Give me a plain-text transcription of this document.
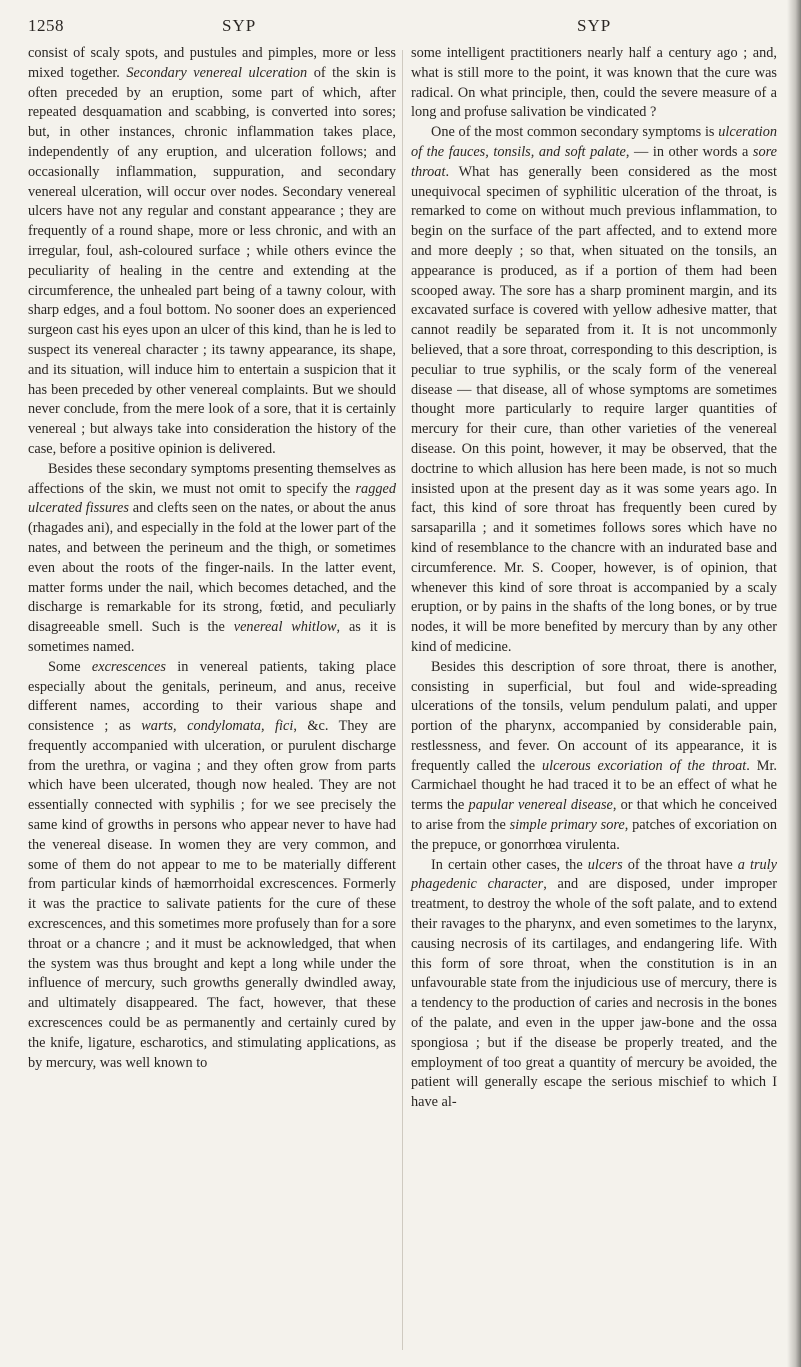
1258	SYP	SYP

consist of scaly spots, and pustules and pimples, more or less mixed together. Secondary venereal ulceration of the skin is often preceded by an eruption, some part of which, after repeated desquamation and scabbing, is converted into sores; but, in other instances, chronic inflammation takes place, independently of any eruption, and ulceration follows; and occasionally inflammation, suppuration, and secondary venereal ulceration, will occur over nodes. Secondary venereal ulcers have not any regular and constant appearance ; they are frequently of a round shape, more or less chronic, and with an irregular, foul, ash-coloured surface ; while others evince the peculiarity of healing in the centre and extending at the circumference, the unhealed part being of a tawny colour, with sharp edges, and a foul bottom. No sooner does an experienced surgeon cast his eyes upon an ulcer of this kind, than he is led to suspect its venereal character ; its tawny appearance, its shape, and its situation, will induce him to entertain a suspicion that it has been preceded by other venereal complaints. But we should never conclude, from the mere look of a sore, that it is certainly venereal ; but always take into consideration the history of the case, before a positive opinion is delivered.

Besides these secondary symptoms presenting themselves as affections of the skin, we must not omit to specify the ragged ulcerated fissures and clefts seen on the nates, or about the anus (rhagades ani), and especially in the fold at the lower part of the nates, and between the perineum and the thigh, or sometimes even about the roots of the finger-nails. In the latter event, matter forms under the nail, which becomes detached, and the discharge is remarkable for its strong, fœtid, and peculiarly disagreeable smell. Such is the venereal whitlow, as it is sometimes named.

Some excrescences in venereal patients, taking place especially about the genitals, perineum, and anus, receive different names, according to their various shape and consistence ; as warts, condylomata, fici, &c. They are frequently accompanied with ulceration, or purulent discharge from the urethra, or vagina ; and they often grow from parts which have been ulcerated, though now healed. They are not essentially connected with syphilis ; for we see precisely the same kind of growths in persons who appear never to have had the venereal disease. In women they are very common, and some of them do not appear to me to be materially different from particular kinds of hæmorrhoidal excrescences. Formerly it was the practice to salivate patients for the cure of these excrescences, and this sometimes more profusely than for a sore throat or a chancre ; and it must be acknowledged, that when the system was thus brought and kept a long while under the influence of mercury, such growths generally dwindled away, and ultimately disappeared. The fact, however, that these excrescences could be as permanently and certainly cured by the knife, ligature, escharotics, and stimulating applications, as by mercury, was well known to

some intelligent practitioners nearly half a century ago ; and, what is still more to the point, it was known that the cure was radical. On what principle, then, could the severe measure of a long and profuse salivation be vindicated ?

One of the most common secondary symptoms is ulceration of the fauces, tonsils, and soft palate, — in other words a sore throat. What has generally been considered as the most unequivocal specimen of syphilitic ulceration of the throat, is remarked to come on without much previous inflammation, to begin on the surface of the part affected, and to extend more and more deeply ; so that, when situated on the tonsils, an appearance is produced, as if a portion of them had been scooped away. The sore has a sharp prominent margin, and its excavated surface is covered with yellow adhesive matter, that cannot readily be separated from it. It is not uncommonly believed, that a sore throat, corresponding to this description, is peculiar to true syphilis, or the scaly form of the venereal disease — that disease, all of whose symptoms are sometimes thought more particularly to require larger quantities of mercury for their cure, than other varieties of the venereal disease. On this point, however, it may be observed, that the doctrine to which allusion has here been made, is not so much insisted upon at the present day as it was some years ago. In fact, this kind of sore throat has frequently been cured by sarsaparilla ; and it sometimes follows sores which have no kind of resemblance to the chancre with an indurated base and circumference. Mr. S. Cooper, however, is of opinion, that whenever this kind of sore throat is accompanied by a scaly eruption, or by pains in the shafts of the long bones, or by true nodes, it will be more benefited by mercury than by any other kind of medicine.

Besides this description of sore throat, there is another, consisting in superficial, but foul and wide-spreading ulcerations of the tonsils, velum pendulum palati, and upper portion of the pharynx, accompanied by considerable pain, restlessness, and fever. On account of its appearance, it is frequently called the ulcerous excoriation of the throat. Mr. Carmichael thought he had traced it to be an effect of what he terms the papular venereal disease, or that which he conceived to arise from the simple primary sore, patches of excoriation on the prepuce, or gonorrhœa virulenta.

In certain other cases, the ulcers of the throat have a truly phagedenic character, and are disposed, under improper treatment, to destroy the whole of the soft palate, and to extend their ravages to the pharynx, and even sometimes to the larynx, causing necrosis of its cartilages, and endangering life. With this form of sore throat, when the constitution is in an unfavourable state from the injudicious use of mercury, there is a tendency to the production of caries and necrosis in the bones of the palate, and even in the upper jaw-bone and the ossa spongiosa ; but if the disease be properly treated, and the employment of too great a quantity of mercury be avoided, the patient will generally escape the serious mischief to which I have al-
